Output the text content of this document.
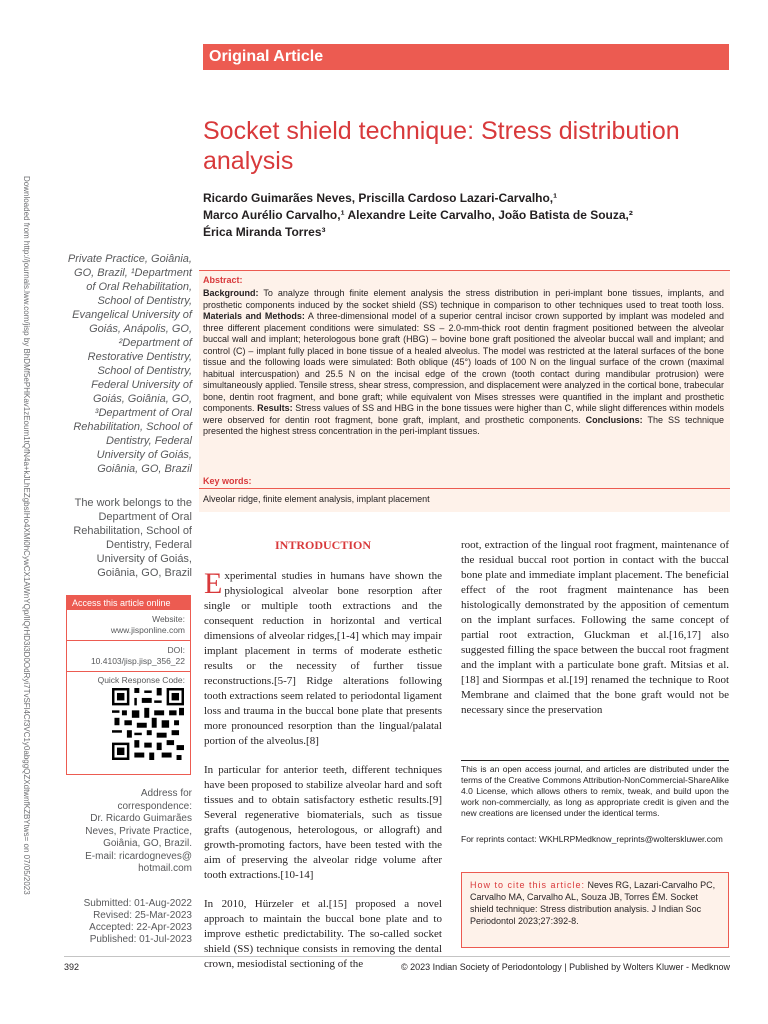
Downloaded from http://journals.lww.com/jisp by BhDMf5ePHKav1zEoum1tQfN4a+kJLhEZgbsIHo4XMi0hCywCX1AWnYQp/IlQrHD3i3D0OdRyi7TvSFl4Cf3VC1y0abggQZXdtwnfKZBYtws= on 07/05/2023
Original Article
Socket shield technique: Stress distribution analysis
Ricardo Guimarães Neves, Priscilla Cardoso Lazari-Carvalho,¹
Marco Aurélio Carvalho,¹ Alexandre Leite Carvalho, João Batista de Souza,²
Érica Miranda Torres³
Private Practice, Goiânia, GO, Brazil, ¹Department of Oral Rehabilitation, School of Dentistry, Evangelical University of Goiás, Anápolis, GO, ²Department of Restorative Dentistry, School of Dentistry, Federal University of Goiás, Goiânia, GO, ³Department of Oral Rehabilitation, School of Dentistry, Federal University of Goiás, Goiânia, GO, Brazil
The work belongs to the Department of Oral Rehabilitation, School of Dentistry, Federal University of Goiás, Goiânia, GO, Brazil
Access this article online
Website:
www.jisponline.com
DOI:
10.4103/jisp.jisp_356_22
Quick Response Code:
Address for correspondence:
Dr. Ricardo Guimarães Neves, Private Practice, Goiânia, GO, Brazil.
E-mail: ricardogneves@ hotmail.com
Submitted: 01-Aug-2022
Revised: 25-Mar-2023
Accepted: 22-Apr-2023
Published: 01-Jul-2023
Abstract:
Background: To analyze through finite element analysis the stress distribution in peri-implant bone tissues, implants, and prosthetic components induced by the socket shield (SS) technique in comparison to other techniques used to treat tooth loss. Materials and Methods: A three-dimensional model of a superior central incisor crown supported by implant was modeled and three different placement conditions were simulated: SS – 2.0-mm-thick root dentin fragment positioned between the alveolar buccal wall and implant; heterologous bone graft (HBG) – bovine bone graft positioned the alveolar buccal wall and implant; and control (C) – implant fully placed in bone tissue of a healed alveolus. The model was restricted at the lateral surfaces of the bone tissue and the following loads were simulated: Both oblique (45°) loads of 100 N on the lingual surface of the crown (maximal habitual intercuspation) and 25.5 N on the incisal edge of the crown (tooth contact during mandibular protrusion) were simultaneously applied. Tensile stress, shear stress, compression, and displacement were analyzed in the cortical bone, trabecular bone, dentin root fragment, and bone graft; while equivalent von Mises stresses were quantified in the implant and prosthetic components. Results: Stress values of SS and HBG in the bone tissues were higher than C, while slight differences within models were observed for dentin root fragment, bone graft, implant, and prosthetic components. Conclusions: The SS technique presented the highest stress concentration in the peri-implant tissues.
Key words:
Alveolar ridge, finite element analysis, implant placement
INTRODUCTION

Experimental studies in humans have shown the physiological alveolar bone resorption after single or multiple tooth extractions and the consequent reduction in horizontal and vertical dimensions of alveolar ridges,[1-4] which may impair implant placement in terms of moderate esthetic results or the necessity of further tissue reconstructions.[5-7] Ridge alterations following tooth extractions seem related to periodontal ligament loss and trauma in the buccal bone plate that presents more pronounced resorption than the lingual/palatal portion of the alveolus.[8]

In particular for anterior teeth, different techniques have been proposed to stabilize alveolar hard and soft tissues and to obtain satisfactory esthetic results.[9] Several regenerative biomaterials, such as tissue grafts (autogenous, heterologous, or allograft) and growth-promoting factors, have been tested with the aim of preserving the alveolar ridge volume after tooth extractions.[10-14]

In 2010, Hürzeler et al.[15] proposed a novel approach to maintain the buccal bone plate and to improve esthetic predictability. The so-called socket shield (SS) technique consists in removing the dental crown, mesiodistal sectioning of the

root, extraction of the lingual root fragment, maintenance of the residual buccal root portion in contact with the buccal bone plate and immediate implant placement. The beneficial effect of the root fragment maintenance has been histologically demonstrated by the apposition of cementum on the implant surfaces. Following the same concept of partial root extraction, Gluckman et al.[16,17] also suggested filling the space between the buccal root fragment and the implant with a particulate bone graft. Mitsias et al.[18] and Siormpas et al.[19] renamed the technique to Root Membrane and claimed that the bone graft would not be necessary since the preservation
This is an open access journal, and articles are distributed under the terms of the Creative Commons Attribution-NonCommercial-ShareAlike 4.0 License, which allows others to remix, tweak, and build upon the work non-commercially, as long as appropriate credit is given and the new creations are licensed under the identical terms.
For reprints contact: WKHLRPMedknow_reprints@wolterskluwer.com
How to cite this article: Neves RG, Lazari-Carvalho PC, Carvalho MA, Carvalho AL, Souza JB, Torres ÉM. Socket shield technique: Stress distribution analysis. J Indian Soc Periodontol 2023;27:392-8.
392	© 2023 Indian Society of Periodontology | Published by Wolters Kluwer - Medknow
